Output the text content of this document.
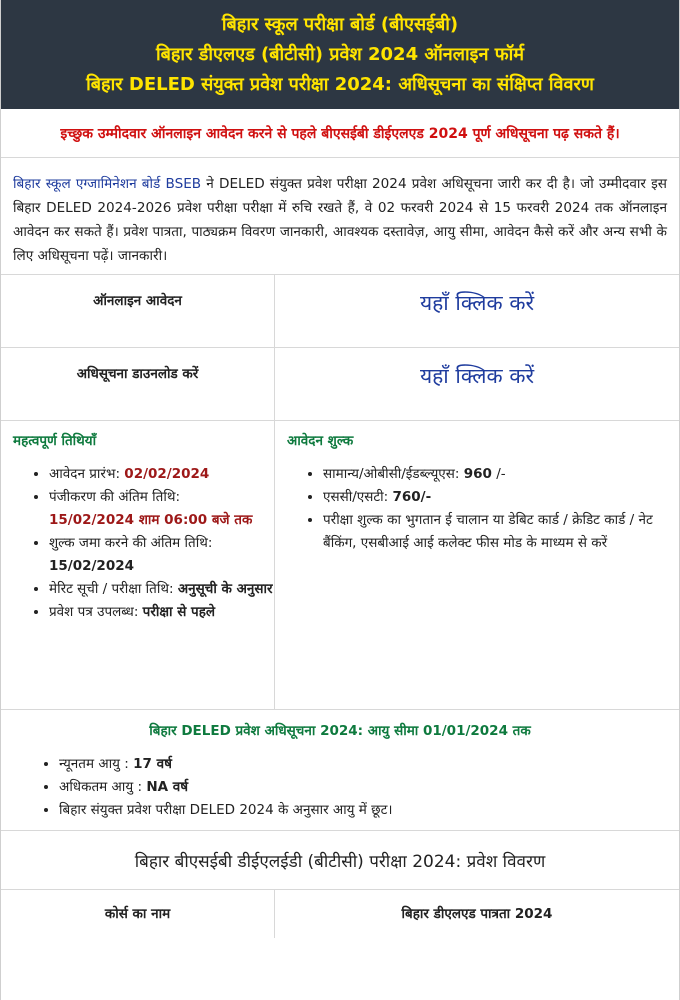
बिहार स्कूल परीक्षा बोर्ड (बीएसईबी)
बिहार डीएलएड (बीटीसी) प्रवेश 2024 ऑनलाइन फॉर्म
बिहार DELED संयुक्त प्रवेश परीक्षा 2024: अधिसूचना का संक्षिप्त विवरण
इच्छुक उम्मीदवार ऑनलाइन आवेदन करने से पहले बीएसईबी डीईएलएड 2024 पूर्ण अधिसूचना पढ़ सकते हैं।
बिहार स्कूल एग्जामिनेशन बोर्ड BSEB ने DELED संयुक्त प्रवेश परीक्षा 2024 प्रवेश अधिसूचना जारी कर दी है। जो उम्मीदवार इस बिहार DELED 2024-2026 प्रवेश परीक्षा परीक्षा में रुचि रखते हैं, वे 02 फरवरी 2024 से 15 फरवरी 2024 तक ऑनलाइन आवेदन कर सकते हैं। प्रवेश पात्रता, पाठ्यक्रम विवरण जानकारी, आवश्यक दस्तावेज़, आयु सीमा, आवेदन कैसे करें और अन्य सभी के लिए अधिसूचना पढ़ें। जानकारी।
ऑनलाइन आवेदन	यहाँ क्लिक करें
अधिसूचना डाउनलोड करें	यहाँ क्लिक करें
महत्वपूर्ण तिथियाँ
• आवेदन प्रारंभ: 02/02/2024
• पंजीकरण की अंतिम तिथि:
15/02/2024 शाम 06:00 बजे तक
• शुल्क जमा करने की अंतिम तिथि:
15/02/2024
• मेरिट सूची / परीक्षा तिथि: अनुसूची के अनुसार
• प्रवेश पत्र उपलब्ध: परीक्षा से पहले
आवेदन शुल्क
• सामान्य/ओबीसी/ईडब्ल्यूएस: 960 /-
• एससी/एसटी: 760/-
• परीक्षा शुल्क का भुगतान ई चालान या डेबिट कार्ड / क्रेडिट कार्ड / नेट बैंकिंग, एसबीआई आई कलेक्ट फीस मोड के माध्यम से करें
बिहार DELED प्रवेश अधिसूचना 2024: आयु सीमा 01/01/2024 तक
• न्यूनतम आयु : 17 वर्ष
• अधिकतम आयु : NA वर्ष
• बिहार संयुक्त प्रवेश परीक्षा DELED 2024 के अनुसार आयु में छूट।
बिहार बीएसईबी डीईएलईडी (बीटीसी) परीक्षा 2024: प्रवेश विवरण
कोर्स का नाम	बिहार डीएलएड पात्रता 2024
